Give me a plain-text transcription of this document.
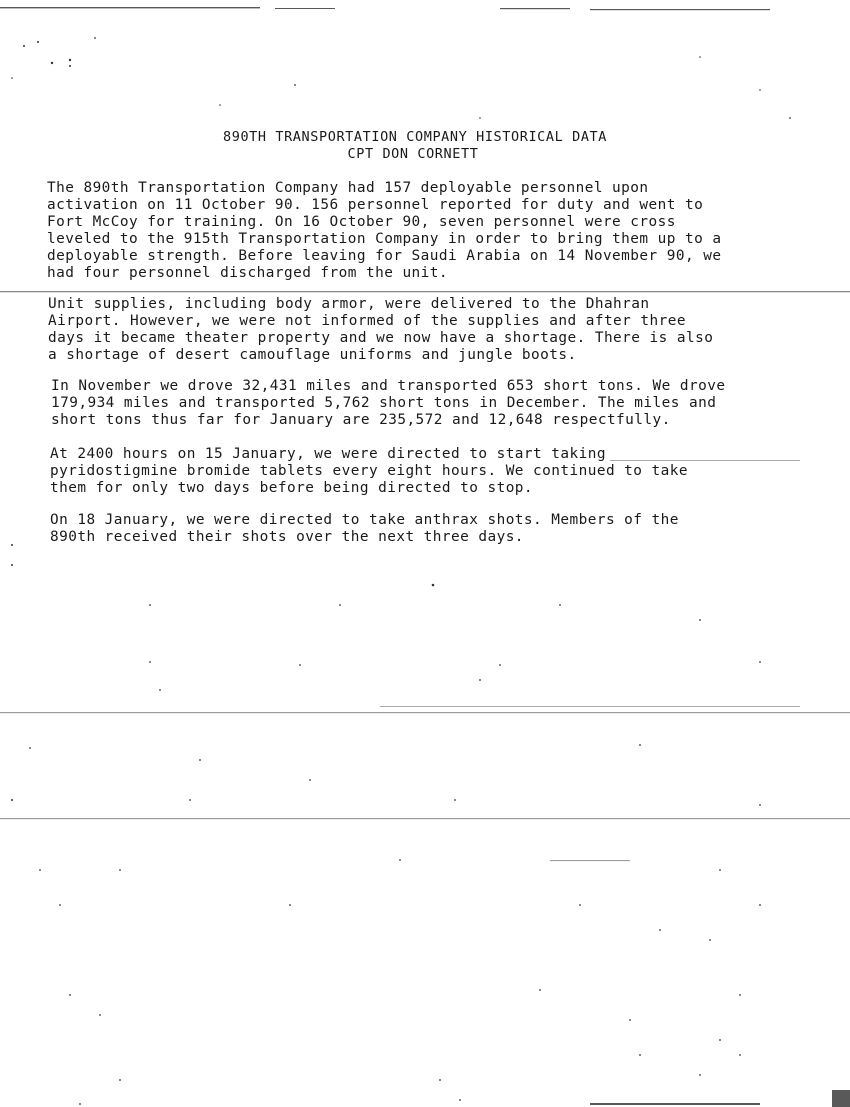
890TH TRANSPORTATION COMPANY HISTORICAL DATA
CPT DON CORNETT

The 890th Transportation Company had 157 deployable personnel upon
activation on 11 October 90. 156 personnel reported for duty and went to
Fort McCoy for training. On 16 October 90, seven personnel were cross
leveled to the 915th Transportation Company in order to bring them up to a
deployable strength. Before leaving for Saudi Arabia on 14 November 90, we
had four personnel discharged from the unit.

Unit supplies, including body armor, were delivered to the Dhahran
Airport. However, we were not informed of the supplies and after three
days it became theater property and we now have a shortage. There is also
a shortage of desert camouflage uniforms and jungle boots.

In November we drove 32,431 miles and transported 653 short tons. We drove
179,934 miles and transported 5,762 short tons in December. The miles and
short tons thus far for January are 235,572 and 12,648 respectfully.

At 2400 hours on 15 January, we were directed to start taking
pyridostigmine bromide tablets every eight hours. We continued to take
them for only two days before being directed to stop.

On 18 January, we were directed to take anthrax shots. Members of the
890th received their shots over the next three days.
